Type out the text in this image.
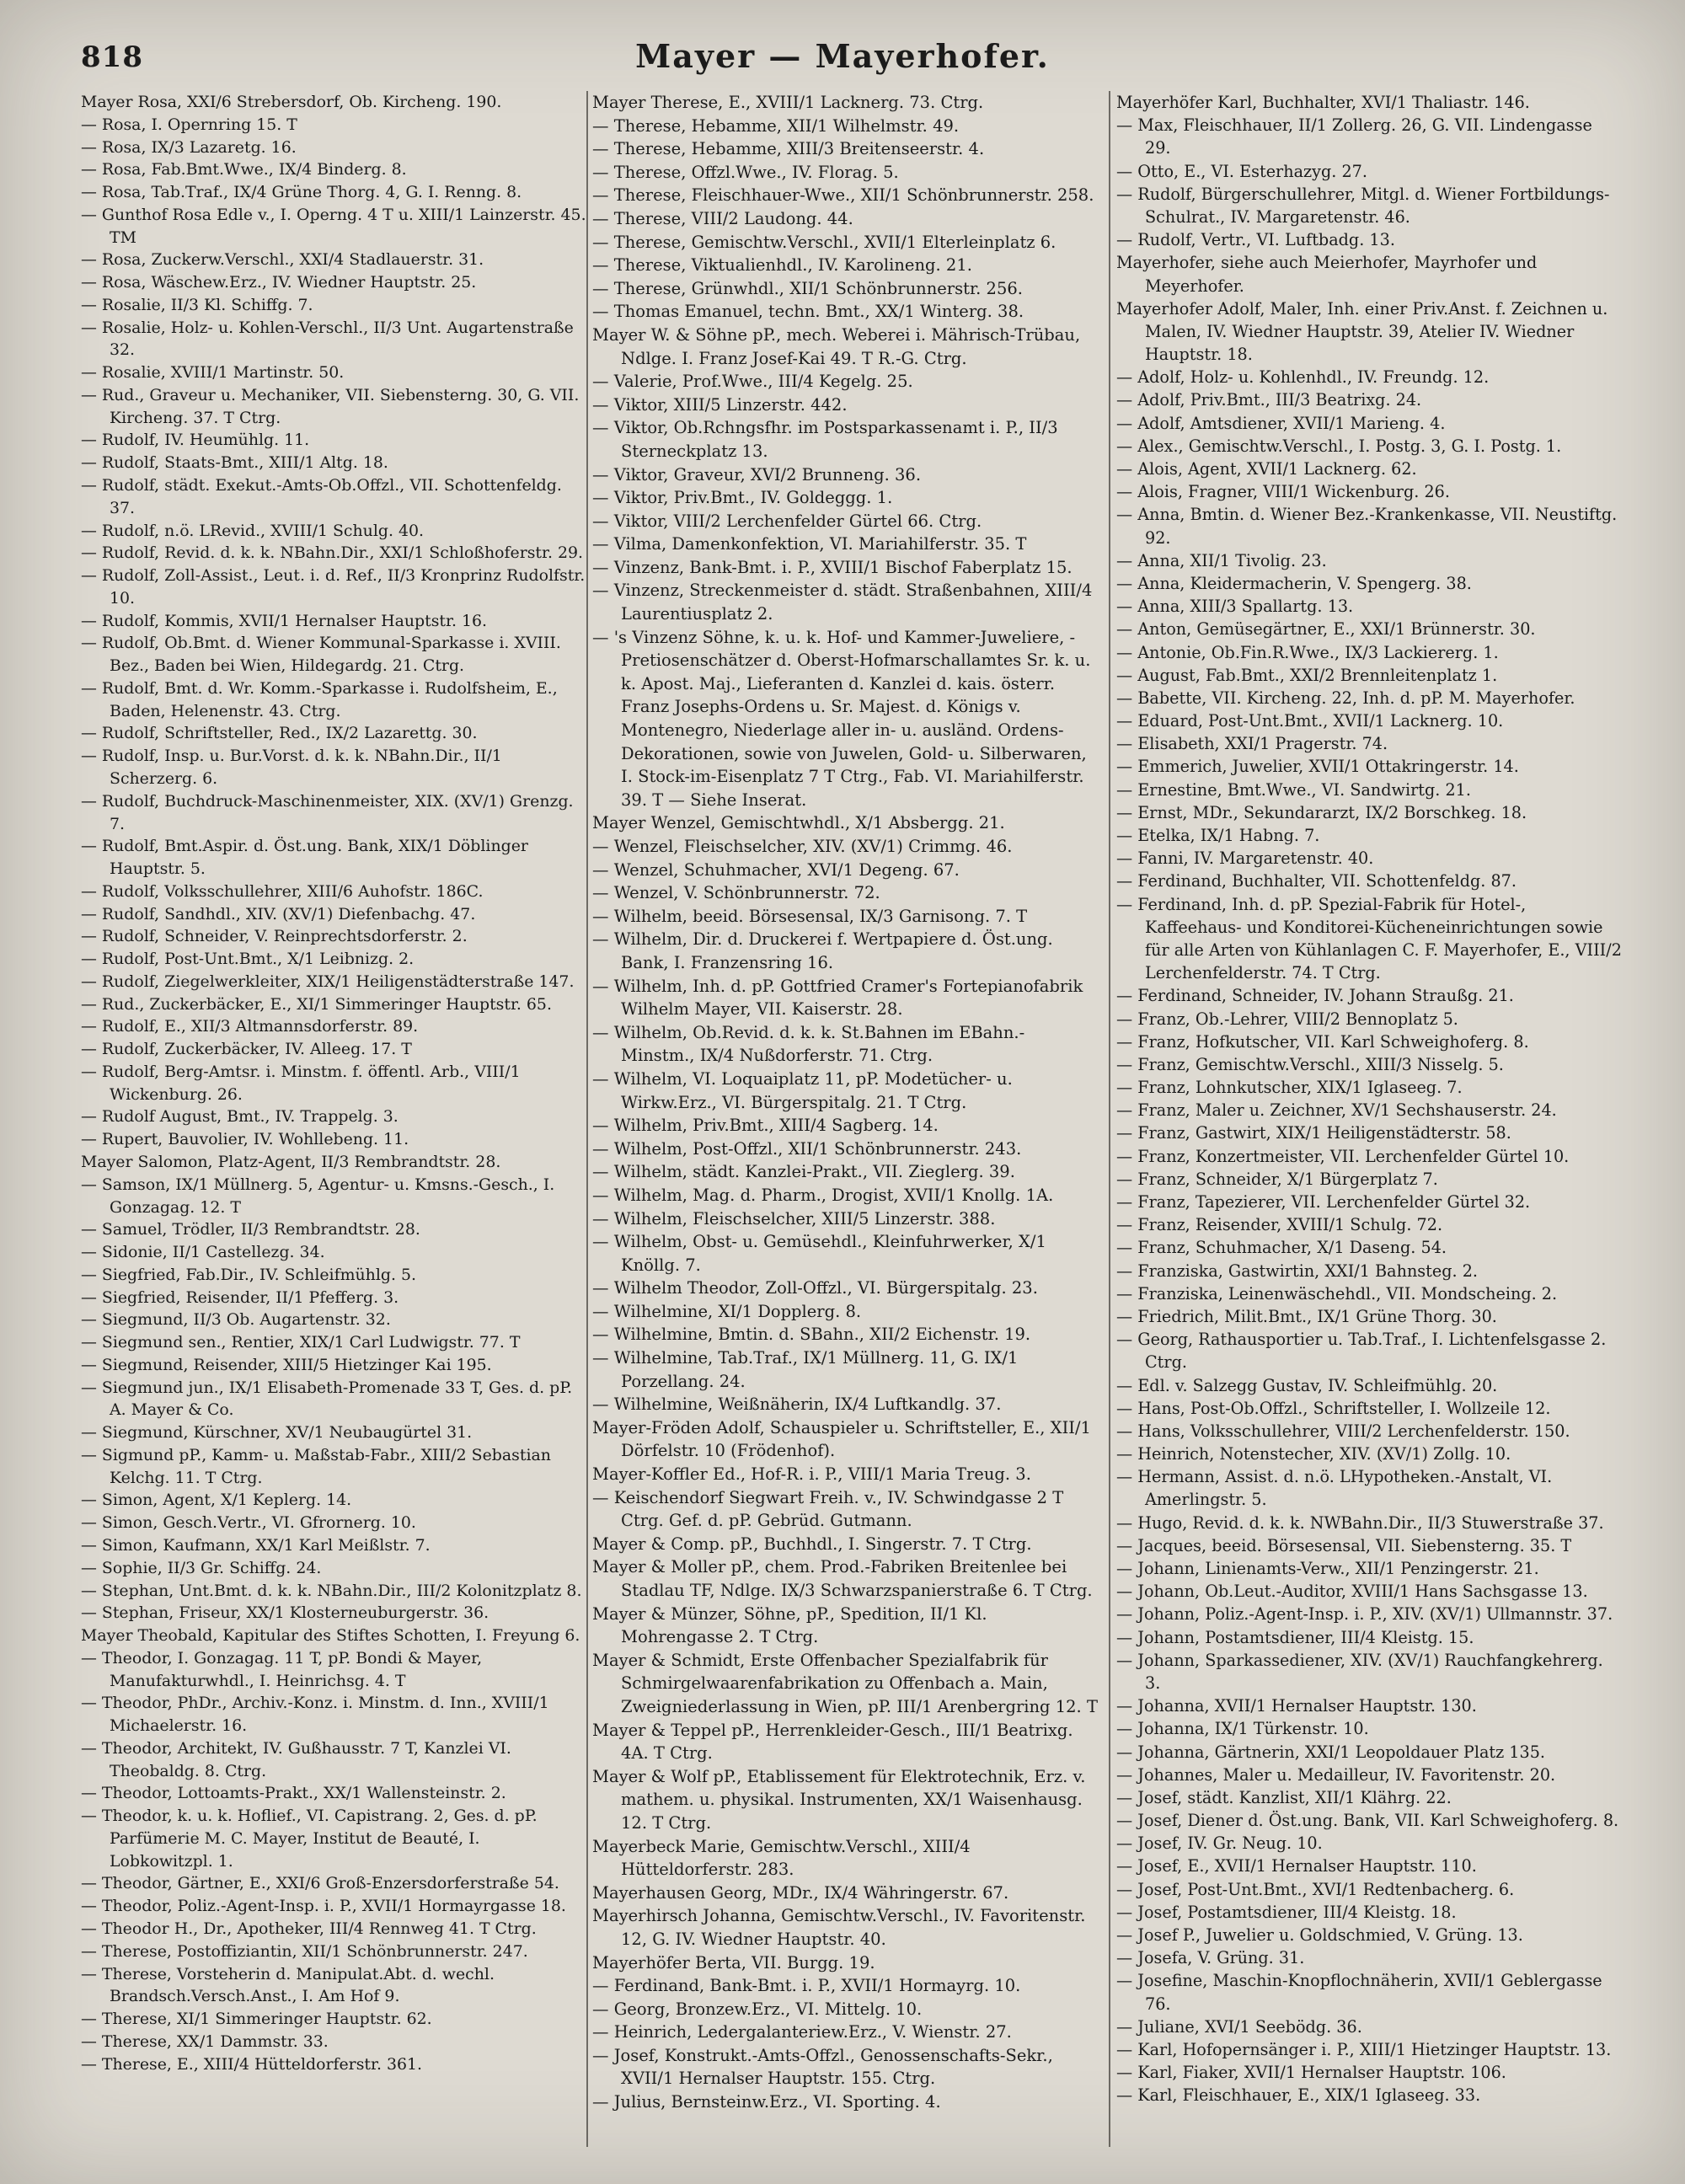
818	Mayer — Mayerhofer.
Mayer Rosa, XXI/6 Strebersdorf, Ob. Kircheng. 190.
— Rosa, I. Opernring 15. T
— Rosa, IX/3 Lazaretg. 16.
— Rosa, Fab.Bmt.Wwe., IX/4 Binderg. 8.
— Rosa, Tab.Traf., IX/4 Grüne Thorg. 4, G. I. Renng. 8.
— Gunthof Rosa Edle v., I. Operng. 4 T u. XIII/1 Lainzerstr. 45. TM
— Rosa, Zuckerw.Verschl., XXI/4 Stadlauerstr. 31.
— Rosa, Wäschew.Erz., IV. Wiedner Hauptstr. 25.
— Rosalie, II/3 Kl. Schiffg. 7.
— Rosalie, Holz- u. Kohlen-Verschl., II/3 Unt. Augartenstraße 32.
— Rosalie, XVIII/1 Martinstr. 50.
— Rud., Graveur u. Mechaniker, VII. Siebensterng. 30, G. VII. Kircheng. 37. T Ctrg.
— Rudolf, IV. Heumühlg. 11.
— Rudolf, Staats-Bmt., XIII/1 Altg. 18.
— Rudolf, städt. Exekut.-Amts-Ob.Offzl., VII. Schottenfeldg. 37.
— Rudolf, n.ö. LRevid., XVIII/1 Schulg. 40.
— Rudolf, Revid. d. k. k. NBahn.Dir., XXI/1 Schloßhoferstr. 29.
— Rudolf, Zoll-Assist., Leut. i. d. Ref., II/3 Kronprinz Rudolfstr. 10.
— Rudolf, Kommis, XVII/1 Hernalser Hauptstr. 16.
— Rudolf, Ob.Bmt. d. Wiener Kommunal-Sparkasse i. XVIII. Bez., Baden bei Wien, Hildegardg. 21. Ctrg.
— Rudolf, Bmt. d. Wr. Komm.-Sparkasse i. Rudolfsheim, E., Baden, Helenenstr. 43. Ctrg.
— Rudolf, Schriftsteller, Red., IX/2 Lazarettg. 30.
— Rudolf, Insp. u. Bur.Vorst. d. k. k. NBahn.Dir., II/1 Scherzerg. 6.
— Rudolf, Buchdruck-Maschinenmeister, XIX. (XV/1) Grenzg. 7.
— Rudolf, Bmt.Aspir. d. Öst.ung. Bank, XIX/1 Döblinger Hauptstr. 5.
— Rudolf, Volksschullehrer, XIII/6 Auhofstr. 186C.
— Rudolf, Sandhdl., XIV. (XV/1) Diefenbachg. 47.
— Rudolf, Schneider, V. Reinprechtsdorferstr. 2.
— Rudolf, Post-Unt.Bmt., X/1 Leibnizg. 2.
— Rudolf, Ziegelwerkleiter, XIX/1 Heiligenstädterstraße 147.
— Rud., Zuckerbäcker, E., XI/1 Simmeringer Hauptstr. 65.
— Rudolf, E., XII/3 Altmannsdorferstr. 89.
— Rudolf, Zuckerbäcker, IV. Alleeg. 17. T
— Rudolf, Berg-Amtsr. i. Minstm. f. öffentl. Arb., VIII/1 Wickenburg. 26.
— Rudolf August, Bmt., IV. Trappelg. 3.
— Rupert, Bauvolier, IV. Wohllebeng. 11.
Mayer Salomon, Platz-Agent, II/3 Rembrandtstr. 28.
— Samson, IX/1 Müllnerg. 5, Agentur- u. Kmsns.-Gesch., I. Gonzagag. 12. T
— Samuel, Trödler, II/3 Rembrandtstr. 28.
— Sidonie, II/1 Castellezg. 34.
— Siegfried, Fab.Dir., IV. Schleifmühlg. 5.
— Siegfried, Reisender, II/1 Pfefferg. 3.
— Siegmund, II/3 Ob. Augartenstr. 32.
— Siegmund sen., Rentier, XIX/1 Carl Ludwigstr. 77. T
— Siegmund, Reisender, XIII/5 Hietzinger Kai 195.
— Siegmund jun., IX/1 Elisabeth-Promenade 33 T, Ges. d. pP. A. Mayer & Co.
— Siegmund, Kürschner, XV/1 Neubaugürtel 31.
— Sigmund pP., Kamm- u. Maßstab-Fabr., XIII/2 Sebastian Kelchg. 11. T Ctrg.
— Simon, Agent, X/1 Keplerg. 14.
— Simon, Gesch.Vertr., VI. Gfrornerg. 10.
— Simon, Kaufmann, XX/1 Karl Meißlstr. 7.
— Sophie, II/3 Gr. Schiffg. 24.
— Stephan, Unt.Bmt. d. k. k. NBahn.Dir., III/2 Kolonitzplatz 8.
— Stephan, Friseur, XX/1 Klosterneuburgerstr. 36.
Mayer Theobald, Kapitular des Stiftes Schotten, I. Freyung 6.
— Theodor, I. Gonzagag. 11 T, pP. Bondi & Mayer, Manufakturwhdl., I. Heinrichsg. 4. T
— Theodor, PhDr., Archiv.-Konz. i. Minstm. d. Inn., XVIII/1 Michaelerstr. 16.
— Theodor, Architekt, IV. Gußhausstr. 7 T, Kanzlei VI. Theobaldg. 8. Ctrg.
— Theodor, Lottoamts-Prakt., XX/1 Wallensteinstr. 2.
— Theodor, k. u. k. Hoflief., VI. Capistrang. 2, Ges. d. pP. Parfümerie M. C. Mayer, Institut de Beauté, I. Lobkowitzpl. 1.
— Theodor, Gärtner, E., XXI/6 Groß-Enzersdorferstraße 54.
— Theodor, Poliz.-Agent-Insp. i. P., XVII/1 Hormayrgasse 18.
— Theodor H., Dr., Apotheker, III/4 Rennweg 41. T Ctrg.
— Therese, Postoffiziantin, XII/1 Schönbrunnerstr. 247.
— Therese, Vorsteherin d. Manipulat.Abt. d. wechl. Brandsch.Versch.Anst., I. Am Hof 9.
— Therese, XI/1 Simmeringer Hauptstr. 62.
— Therese, XX/1 Dammstr. 33.
— Therese, E., XIII/4 Hütteldorferstr. 361.
Mayer Therese, E., XVIII/1 Lacknerg. 73. Ctrg.
— Therese, Hebamme, XII/1 Wilhelmstr. 49.
— Therese, Hebamme, XIII/3 Breitenseerstr. 4.
— Therese, Offzl.Wwe., IV. Florag. 5.
— Therese, Fleischhauer-Wwe., XII/1 Schönbrunnerstr. 258.
— Therese, VIII/2 Laudong. 44.
— Therese, Gemischtw.Verschl., XVII/1 Elterleinplatz 6.
— Therese, Viktualienhdl., IV. Karolineng. 21.
— Therese, Grünwhdl., XII/1 Schönbrunnerstr. 256.
— Thomas Emanuel, techn. Bmt., XX/1 Winterg. 38.
Mayer W. & Söhne pP., mech. Weberei i. Mährisch-Trübau, Ndlge. I. Franz Josef-Kai 49. T R.-G. Ctrg.
— Valerie, Prof.Wwe., III/4 Kegelg. 25.
— Viktor, XIII/5 Linzerstr. 442.
— Viktor, Ob.Rchngsfhr. im Postsparkassenamt i. P., II/3 Sterneckplatz 13.
— Viktor, Graveur, XVI/2 Brunneng. 36.
— Viktor, Priv.Bmt., IV. Goldeggg. 1.
— Viktor, VIII/2 Lerchenfelder Gürtel 66. Ctrg.
— Vilma, Damenkonfektion, VI. Mariahilferstr. 35. T
— Vinzenz, Bank-Bmt. i. P., XVIII/1 Bischof Faberplatz 15.
— Vinzenz, Streckenmeister d. städt. Straßenbahnen, XIII/4 Laurentiusplatz 2.
— 's Vinzenz Söhne, k. u. k. Hof- und Kammer-Juweliere, -Pretiosenschätzer d. Oberst-Hofmarschallamtes Sr. k. u. k. Apost. Maj., Lieferanten d. Kanzlei d. kais. österr. Franz Josephs-Ordens u. Sr. Majest. d. Königs v. Montenegro, Niederlage aller in- u. ausländ. Ordens-Dekorationen, sowie von Juwelen, Gold- u. Silberwaren, I. Stock-im-Eisenplatz 7 T Ctrg., Fab. VI. Mariahilferstr. 39. T — Siehe Inserat.
Mayer Wenzel, Gemischtwhdl., X/1 Absbergg. 21.
— Wenzel, Fleischselcher, XIV. (XV/1) Crimmg. 46.
— Wenzel, Schuhmacher, XVI/1 Degeng. 67.
— Wenzel, V. Schönbrunnerstr. 72.
— Wilhelm, beeid. Börsesensal, IX/3 Garnisong. 7. T
— Wilhelm, Dir. d. Druckerei f. Wertpapiere d. Öst.ung. Bank, I. Franzensring 16.
— Wilhelm, Inh. d. pP. Gottfried Cramer's Fortepianofabrik Wilhelm Mayer, VII. Kaiserstr. 28.
— Wilhelm, Ob.Revid. d. k. k. St.Bahnen im EBahn.-Minstm., IX/4 Nußdorferstr. 71. Ctrg.
— Wilhelm, VI. Loquaiplatz 11, pP. Modetücher- u. Wirkw.Erz., VI. Bürgerspitalg. 21. T Ctrg.
— Wilhelm, Priv.Bmt., XIII/4 Sagberg. 14.
— Wilhelm, Post-Offzl., XII/1 Schönbrunnerstr. 243.
— Wilhelm, städt. Kanzlei-Prakt., VII. Zieglerg. 39.
— Wilhelm, Mag. d. Pharm., Drogist, XVII/1 Knollg. 1A.
— Wilhelm, Fleischselcher, XIII/5 Linzerstr. 388.
— Wilhelm, Obst- u. Gemüsehdl., Kleinfuhrwerker, X/1 Knöllg. 7.
— Wilhelm Theodor, Zoll-Offzl., VI. Bürgerspitalg. 23.
— Wilhelmine, XI/1 Dopplerg. 8.
— Wilhelmine, Bmtin. d. SBahn., XII/2 Eichenstr. 19.
— Wilhelmine, Tab.Traf., IX/1 Müllnerg. 11, G. IX/1 Porzellang. 24.
— Wilhelmine, Weißnäherin, IX/4 Luftkandlg. 37.
Mayer-Fröden Adolf, Schauspieler u. Schriftsteller, E., XII/1 Dörfelstr. 10 (Frödenhof).
Mayer-Koffler Ed., Hof-R. i. P., VIII/1 Maria Treug. 3.
— Keischendorf Siegwart Freih. v., IV. Schwindgasse 2 T Ctrg. Gef. d. pP. Gebrüd. Gutmann.
Mayer & Comp. pP., Buchhdl., I. Singerstr. 7. T Ctrg.
Mayer & Moller pP., chem. Prod.-Fabriken Breitenlee bei Stadlau TF, Ndlge. IX/3 Schwarzspanierstraße 6. T Ctrg.
Mayer & Münzer, Söhne, pP., Spedition, II/1 Kl. Mohrengasse 2. T Ctrg.
Mayer & Schmidt, Erste Offenbacher Spezialfabrik für Schmirgelwaarenfabrikation zu Offenbach a. Main, Zweigniederlassung in Wien, pP. III/1 Arenbergring 12. T
Mayer & Teppel pP., Herrenkleider-Gesch., III/1 Beatrixg. 4A. T Ctrg.
Mayer & Wolf pP., Etablissement für Elektrotechnik, Erz. v. mathem. u. physikal. Instrumenten, XX/1 Waisenhausg. 12. T Ctrg.
Mayerbeck Marie, Gemischtw.Verschl., XIII/4 Hütteldorferstr. 283.
Mayerhausen Georg, MDr., IX/4 Währingerstr. 67.
Mayerhirsch Johanna, Gemischtw.Verschl., IV. Favoritenstr. 12, G. IV. Wiedner Hauptstr. 40.
Mayerhöfer Berta, VII. Burgg. 19.
— Ferdinand, Bank-Bmt. i. P., XVII/1 Hormayrg. 10.
— Georg, Bronzew.Erz., VI. Mittelg. 10.
— Heinrich, Ledergalanteriew.Erz., V. Wienstr. 27.
— Josef, Konstrukt.-Amts-Offzl., Genossenschafts-Sekr., XVII/1 Hernalser Hauptstr. 155. Ctrg.
— Julius, Bernsteinw.Erz., VI. Sporting. 4.
Mayerhöfer Karl, Buchhalter, XVI/1 Thaliastr. 146.
— Max, Fleischhauer, II/1 Zollerg. 26, G. VII. Lindengasse 29.
— Otto, E., VI. Esterhazyg. 27.
— Rudolf, Bürgerschullehrer, Mitgl. d. Wiener Fortbildungs-Schulrat., IV. Margaretenstr. 46.
— Rudolf, Vertr., VI. Luftbadg. 13.
Mayerhofer, siehe auch Meierhofer, Mayrhofer und Meyerhofer.
Mayerhofer Adolf, Maler, Inh. einer Priv.Anst. f. Zeichnen u. Malen, IV. Wiedner Hauptstr. 39, Atelier IV. Wiedner Hauptstr. 18.
— Adolf, Holz- u. Kohlenhdl., IV. Freundg. 12.
— Adolf, Priv.Bmt., III/3 Beatrixg. 24.
— Adolf, Amtsdiener, XVII/1 Marieng. 4.
— Alex., Gemischtw.Verschl., I. Postg. 3, G. I. Postg. 1.
— Alois, Agent, XVII/1 Lacknerg. 62.
— Alois, Fragner, VIII/1 Wickenburg. 26.
— Anna, Bmtin. d. Wiener Bez.-Krankenkasse, VII. Neustiftg. 92.
— Anna, XII/1 Tivolig. 23.
— Anna, Kleidermacherin, V. Spengerg. 38.
— Anna, XIII/3 Spallartg. 13.
— Anton, Gemüsegärtner, E., XXI/1 Brünnerstr. 30.
— Antonie, Ob.Fin.R.Wwe., IX/3 Lackiererg. 1.
— August, Fab.Bmt., XXI/2 Brennleitenplatz 1.
— Babette, VII. Kircheng. 22, Inh. d. pP. M. Mayerhofer.
— Eduard, Post-Unt.Bmt., XVII/1 Lacknerg. 10.
— Elisabeth, XXI/1 Pragerstr. 74.
— Emmerich, Juwelier, XVII/1 Ottakringerstr. 14.
— Ernestine, Bmt.Wwe., VI. Sandwirtg. 21.
— Ernst, MDr., Sekundararzt, IX/2 Borschkeg. 18.
— Etelka, IX/1 Habng. 7.
— Fanni, IV. Margaretenstr. 40.
— Ferdinand, Buchhalter, VII. Schottenfeldg. 87.
— Ferdinand, Inh. d. pP. Spezial-Fabrik für Hotel-, Kaffeehaus- und Konditorei-Kücheneinrichtungen sowie für alle Arten von Kühlanlagen C. F. Mayerhofer, E., VIII/2 Lerchenfelderstr. 74. T Ctrg.
— Ferdinand, Schneider, IV. Johann Straußg. 21.
— Franz, Ob.-Lehrer, VIII/2 Bennoplatz 5.
— Franz, Hofkutscher, VII. Karl Schweighoferg. 8.
— Franz, Gemischtw.Verschl., XIII/3 Nisselg. 5.
— Franz, Lohnkutscher, XIX/1 Iglaseeg. 7.
— Franz, Maler u. Zeichner, XV/1 Sechshauserstr. 24.
— Franz, Gastwirt, XIX/1 Heiligenstädterstr. 58.
— Franz, Konzertmeister, VII. Lerchenfelder Gürtel 10.
— Franz, Schneider, X/1 Bürgerplatz 7.
— Franz, Tapezierer, VII. Lerchenfelder Gürtel 32.
— Franz, Reisender, XVIII/1 Schulg. 72.
— Franz, Schuhmacher, X/1 Daseng. 54.
— Franziska, Gastwirtin, XXI/1 Bahnsteg. 2.
— Franziska, Leinenwäschehdl., VII. Mondscheing. 2.
— Friedrich, Milit.Bmt., IX/1 Grüne Thorg. 30.
— Georg, Rathausportier u. Tab.Traf., I. Lichtenfelsgasse 2. Ctrg.
— Edl. v. Salzegg Gustav, IV. Schleifmühlg. 20.
— Hans, Post-Ob.Offzl., Schriftsteller, I. Wollzeile 12.
— Hans, Volksschullehrer, VIII/2 Lerchenfelderstr. 150.
— Heinrich, Notenstecher, XIV. (XV/1) Zollg. 10.
— Hermann, Assist. d. n.ö. LHypotheken.-Anstalt, VI. Amerlingstr. 5.
— Hugo, Revid. d. k. k. NWBahn.Dir., II/3 Stuwerstraße 37.
— Jacques, beeid. Börsesensal, VII. Siebensterng. 35. T
— Johann, Linienamts-Verw., XII/1 Penzingerstr. 21.
— Johann, Ob.Leut.-Auditor, XVIII/1 Hans Sachsgasse 13.
— Johann, Poliz.-Agent-Insp. i. P., XIV. (XV/1) Ullmannstr. 37.
— Johann, Postamtsdiener, III/4 Kleistg. 15.
— Johann, Sparkassediener, XIV. (XV/1) Rauchfangkehrerg. 3.
— Johanna, XVII/1 Hernalser Hauptstr. 130.
— Johanna, IX/1 Türkenstr. 10.
— Johanna, Gärtnerin, XXI/1 Leopoldauer Platz 135.
— Johannes, Maler u. Medailleur, IV. Favoritenstr. 20.
— Josef, städt. Kanzlist, XII/1 Klährg. 22.
— Josef, Diener d. Öst.ung. Bank, VII. Karl Schweighoferg. 8.
— Josef, IV. Gr. Neug. 10.
— Josef, E., XVII/1 Hernalser Hauptstr. 110.
— Josef, Post-Unt.Bmt., XVI/1 Redtenbacherg. 6.
— Josef, Postamtsdiener, III/4 Kleistg. 18.
— Josef P., Juwelier u. Goldschmied, V. Grüng. 13.
— Josefa, V. Grüng. 31.
— Josefine, Maschin-Knopflochnäherin, XVII/1 Geblergasse 76.
— Juliane, XVI/1 Seebödg. 36.
— Karl, Hofopernsänger i. P., XIII/1 Hietzinger Hauptstr. 13.
— Karl, Fiaker, XVII/1 Hernalser Hauptstr. 106.
— Karl, Fleischhauer, E., XIX/1 Iglaseeg. 33.
